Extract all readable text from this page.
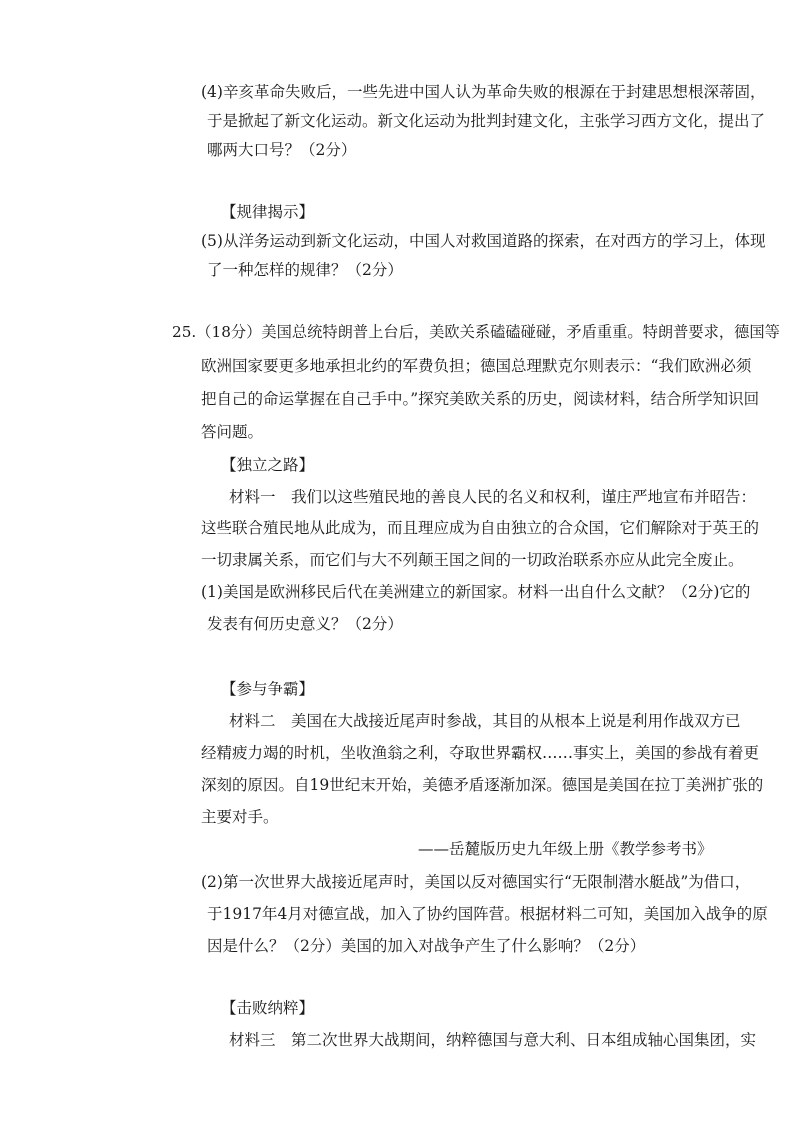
(4)辛亥革命失败后，一些先进中国人认为革命失败的根源在于封建思想根深蒂固，
于是掀起了新文化运动。新文化运动为批判封建文化，主张学习西方文化，提出了
哪两大口号？（2分）
【规律揭示】
(5)从洋务运动到新文化运动，中国人对救国道路的探索，在对西方的学习上，体现
了一种怎样的规律？（2分）
25.（18分）美国总统特朗普上台后，美欧关系磕磕碰碰，矛盾重重。特朗普要求，德国等
欧洲国家要更多地承担北约的军费负担；德国总理默克尔则表示：“我们欧洲必须
把自己的命运掌握在自己手中。”探究美欧关系的历史，阅读材料，结合所学知识回
答问题。
【独立之路】
材料一　我们以这些殖民地的善良人民的名义和权利，谨庄严地宣布并昭告：
这些联合殖民地从此成为，而且理应成为自由独立的合众国，它们解除对于英王的
一切隶属关系，而它们与大不列颠王国之间的一切政治联系亦应从此完全废止。
(1)美国是欧洲移民后代在美洲建立的新国家。材料一出自什么文献？（2分)它的
发表有何历史意义？（2分）
【参与争霸】
材料二　美国在大战接近尾声时参战，其目的从根本上说是利用作战双方已
经精疲力竭的时机，坐收渔翁之利，夺取世界霸权……事实上，美国的参战有着更
深刻的原因。自19世纪末开始，美德矛盾逐渐加深。德国是美国在拉丁美洲扩张的
主要对手。
——岳麓版历史九年级上册《教学参考书》
(2)第一次世界大战接近尾声时，美国以反对德国实行“无限制潜水艇战”为借口，
于1917年4月对德宣战，加入了协约国阵营。根据材料二可知，美国加入战争的原
因是什么？（2分）美国的加入对战争产生了什么影响？（2分）
【击败纳粹】
材料三　第二次世界大战期间，纳粹德国与意大利、日本组成轴心国集团，实
